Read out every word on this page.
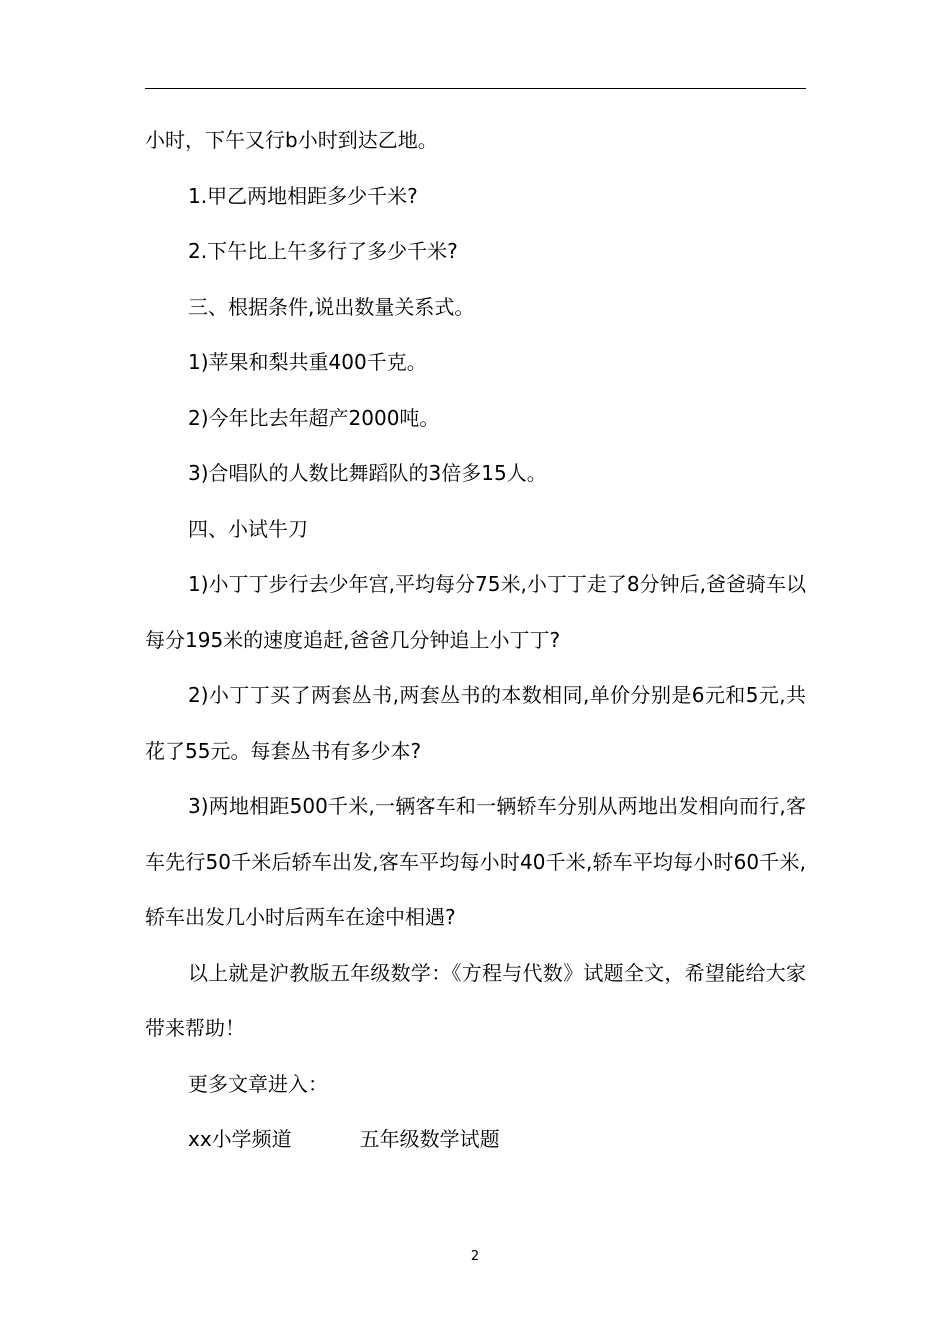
小时，下午又行b小时到达乙地。

1.甲乙两地相距多少千米?

2.下午比上午多行了多少千米?

三、根据条件,说出数量关系式。

1)苹果和梨共重400千克。

2)今年比去年超产2000吨。

3)合唱队的人数比舞蹈队的3倍多15人。

四、小试牛刀

1)小丁丁步行去少年宫,平均每分75米,小丁丁走了8分钟后,爸爸骑车以每分195米的速度追赶,爸爸几分钟追上小丁丁?

2)小丁丁买了两套丛书,两套丛书的本数相同,单价分别是6元和5元,共花了55元。每套丛书有多少本?

3)两地相距500千米,一辆客车和一辆轿车分别从两地出发相向而行,客车先行50千米后轿车出发,客车平均每小时40千米,轿车平均每小时60千米,轿车出发几小时后两车在途中相遇?

以上就是沪教版五年级数学：《方程与代数》试题全文，希望能给大家带来帮助！

更多文章进入：

xx小学频道	五年级数学试题
2
